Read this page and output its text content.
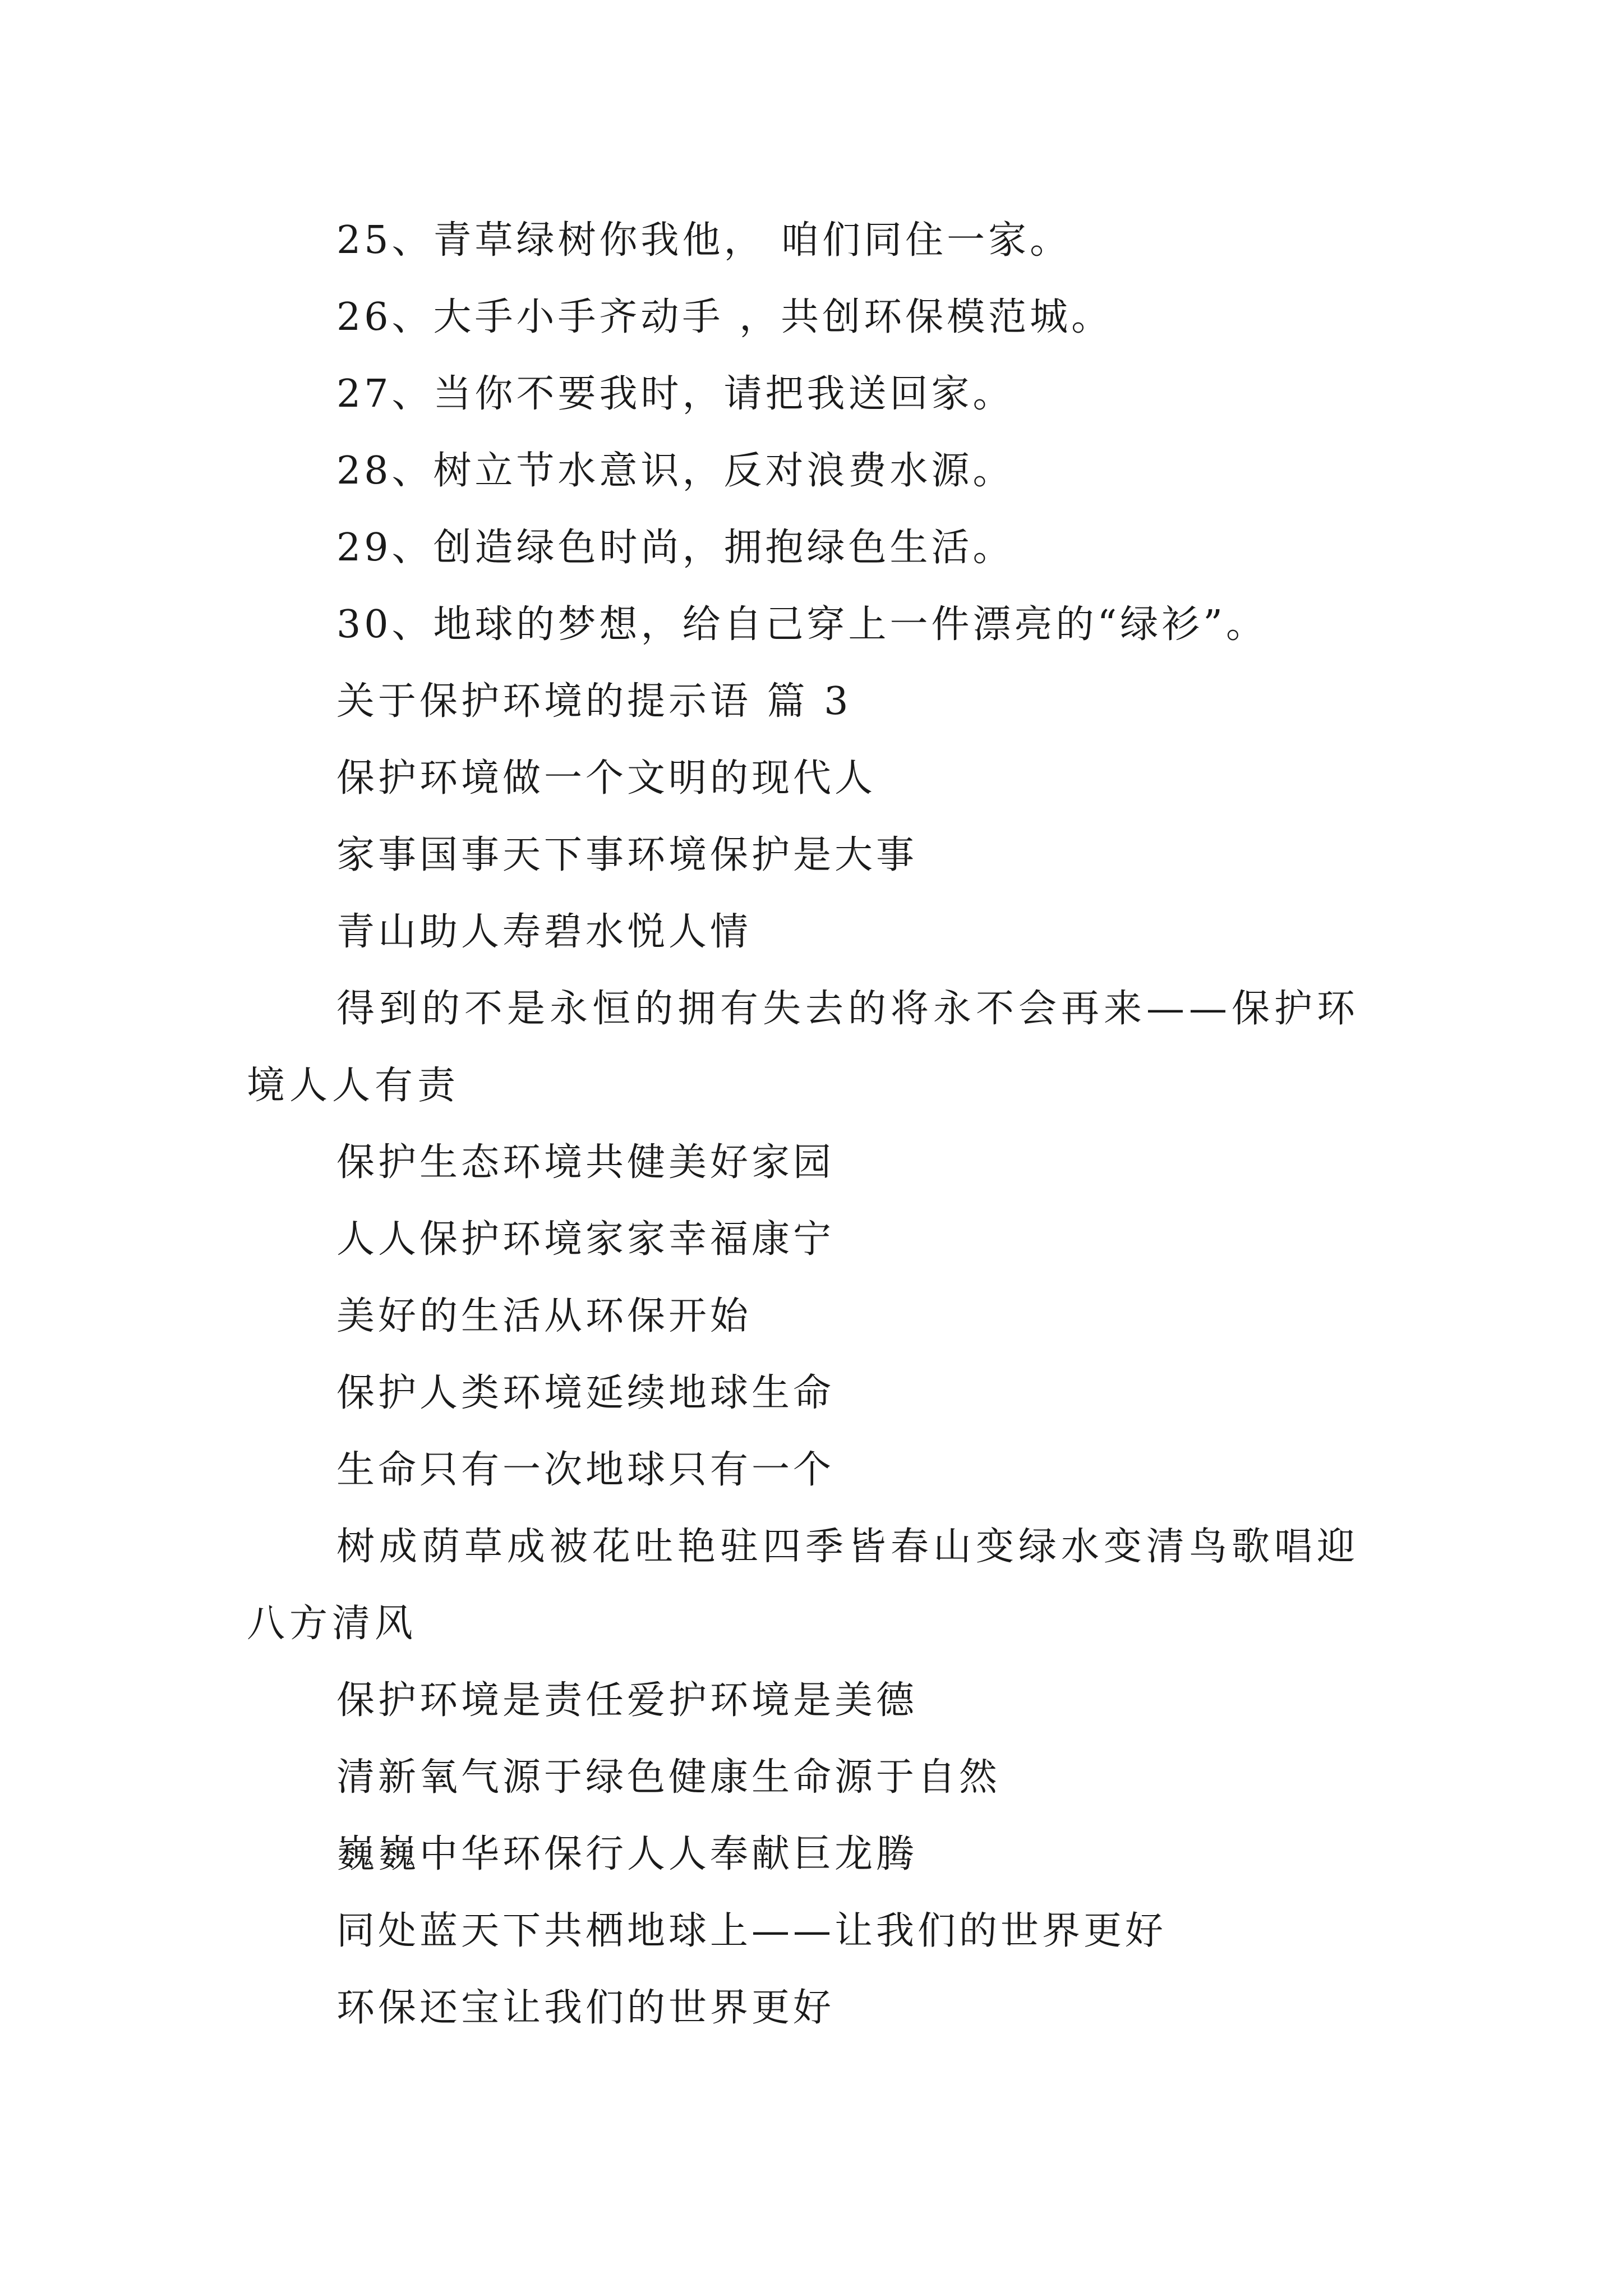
25、青草绿树你我他， 咱们同住一家。
26、大手小手齐动手 ，共创环保模范城。
27、当你不要我时，请把我送回家。
28、树立节水意识，反对浪费水源。
29、创造绿色时尚，拥抱绿色生活。
30、地球的梦想，给自己穿上一件漂亮的“绿衫”。
关于保护环境的提示语 篇 3
保护环境做一个文明的现代人
家事国事天下事环境保护是大事
青山助人寿碧水悦人情
得到的不是永恒的拥有失去的将永不会再来——保护环境人人有责
保护生态环境共健美好家园
人人保护环境家家幸福康宁
美好的生活从环保开始
保护人类环境延续地球生命
生命只有一次地球只有一个
树成荫草成被花吐艳驻四季皆春山变绿水变清鸟歌唱迎八方清风
保护环境是责任爱护环境是美德
清新氧气源于绿色健康生命源于自然
巍巍中华环保行人人奉献巨龙腾
同处蓝天下共栖地球上——让我们的世界更好
环保还宝让我们的世界更好
